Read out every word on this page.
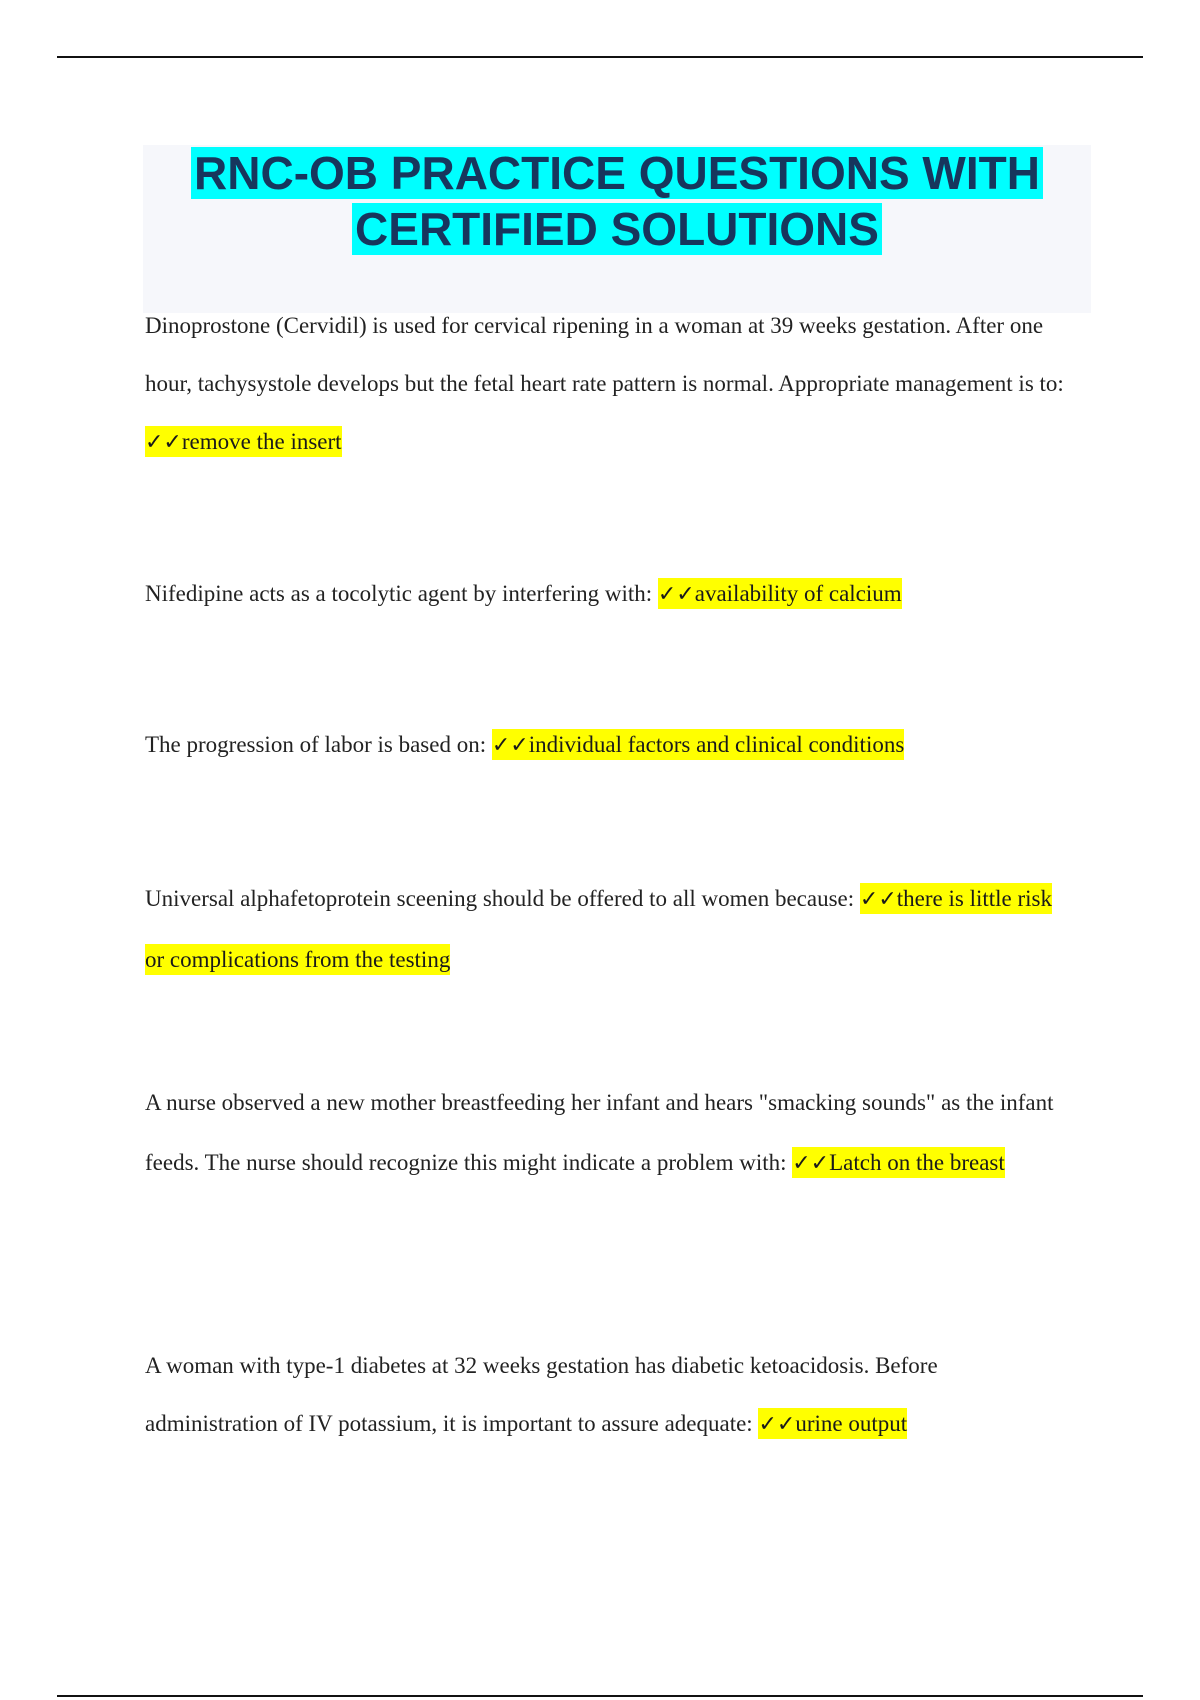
RNC-OB PRACTICE QUESTIONS WITH
CERTIFIED SOLUTIONS

Dinoprostone (Cervidil) is used for cervical ripening in a woman at 39 weeks gestation. After one hour, tachysystole develops but the fetal heart rate pattern is normal. Appropriate management is to: ✓✓remove the insert

Nifedipine acts as a tocolytic agent by interfering with: ✓✓availability of calcium

The progression of labor is based on: ✓✓individual factors and clinical conditions

Universal alphafetoprotein sceening should be offered to all women because: ✓✓there is little risk or complications from the testing

A nurse observed a new mother breastfeeding her infant and hears "smacking sounds" as the infant feeds. The nurse should recognize this might indicate a problem with: ✓✓Latch on the breast

A woman with type-1 diabetes at 32 weeks gestation has diabetic ketoacidosis. Before administration of IV potassium, it is important to assure adequate: ✓✓urine output
